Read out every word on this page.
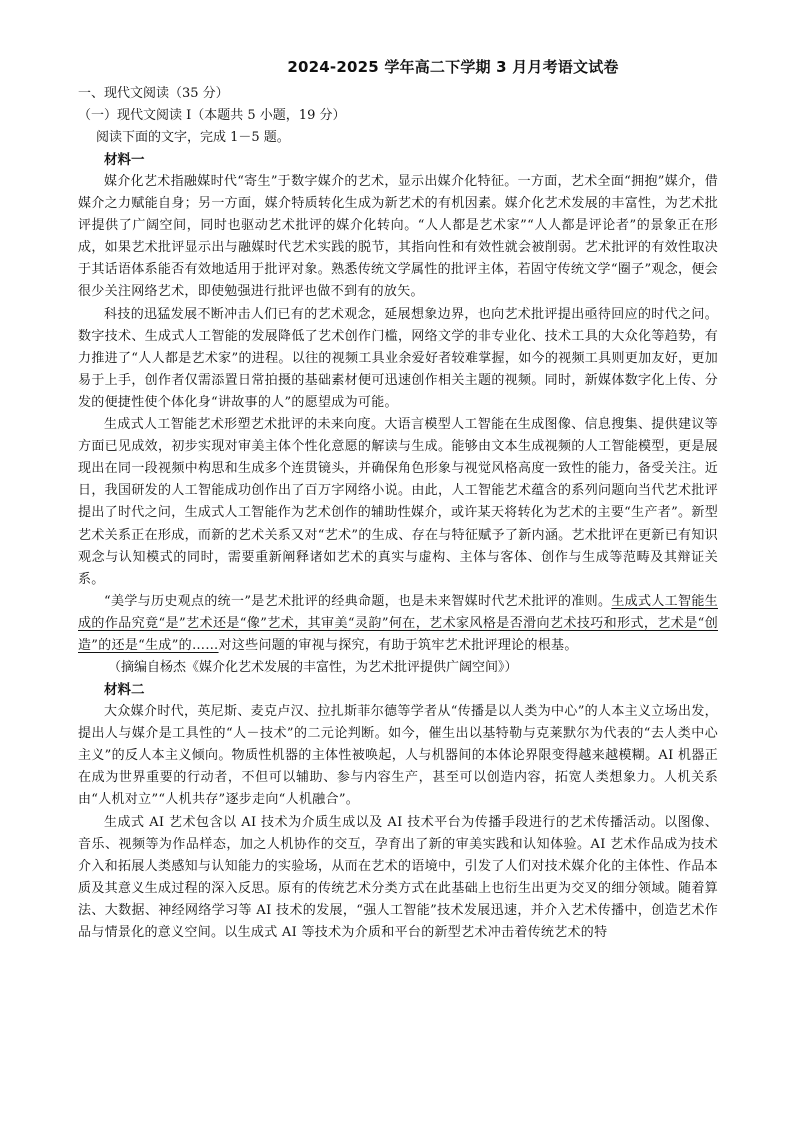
2024-2025 学年高二下学期 3 月月考语文试卷

一、现代文阅读（35 分）

（一）现代文阅读 I（本题共 5 小题，19 分）

阅读下面的文字，完成 1－5 题。

材料一

媒介化艺术指融媒时代“寄生”于数字媒介的艺术，显示出媒介化特征。一方面，艺术全面“拥抱”媒介，借媒介之力赋能自身；另一方面，媒介特质转化生成为新艺术的有机因素。媒介化艺术发展的丰富性，为艺术批评提供了广阔空间，同时也驱动艺术批评的媒介化转向。“人人都是艺术家”“人人都是评论者”的景象正在形成，如果艺术批评显示出与融媒时代艺术实践的脱节，其指向性和有效性就会被削弱。艺术批评的有效性取决于其话语体系能否有效地适用于批评对象。熟悉传统文学属性的批评主体，若固守传统文学“圈子”观念，便会很少关注网络艺术，即使勉强进行批评也做不到有的放矢。

科技的迅猛发展不断冲击人们已有的艺术观念，延展想象边界，也向艺术批评提出亟待回应的时代之问。数字技术、生成式人工智能的发展降低了艺术创作门槛，网络文学的非专业化、技术工具的大众化等趋势，有力推进了“人人都是艺术家”的进程。以往的视频工具业余爱好者较难掌握，如今的视频工具则更加友好，更加易于上手，创作者仅需添置日常拍摄的基础素材便可迅速创作相关主题的视频。同时，新媒体数字化上传、分发的便捷性使个体化身“讲故事的人”的愿望成为可能。

生成式人工智能艺术形塑艺术批评的未来向度。大语言模型人工智能在生成图像、信息搜集、提供建议等方面已见成效，初步实现对审美主体个性化意愿的解读与生成。能够由文本生成视频的人工智能模型，更是展现出在同一段视频中构思和生成多个连贯镜头，并确保角色形象与视觉风格高度一致性的能力，备受关注。近日，我国研发的人工智能成功创作出了百万字网络小说。由此，人工智能艺术蕴含的系列问题向当代艺术批评提出了时代之问，生成式人工智能作为艺术创作的辅助性媒介，或许某天将转化为艺术的主要“生产者”。新型艺术关系正在形成，而新的艺术关系又对“艺术”的生成、存在与特征赋予了新内涵。艺术批评在更新已有知识观念与认知模式的同时，需要重新阐释诸如艺术的真实与虚构、主体与客体、创作与生成等范畴及其辩证关系。

“美学与历史观点的统一”是艺术批评的经典命题，也是未来智媒时代艺术批评的准则。生成式人工智能生成的作品究竟“是”艺术还是“像”艺术，其审美“灵韵”何在，艺术家风格是否滑向艺术技巧和形式，艺术是“创造”的还是“生成”的……对这些问题的审视与探究，有助于筑牢艺术批评理论的根基。

（摘编自杨杰《媒介化艺术发展的丰富性，为艺术批评提供广阔空间》）

材料二

大众媒介时代，英尼斯、麦克卢汉、拉扎斯菲尔德等学者从“传播是以人类为中心”的人本主义立场出发，提出人与媒介是工具性的“人－技术”的二元论判断。如今，催生出以基特勒与克莱默尔为代表的“去人类中心主义”的反人本主义倾向。物质性机器的主体性被唤起，人与机器间的本体论界限变得越来越模糊。AI 机器正在成为世界重要的行动者，不但可以辅助、参与内容生产，甚至可以创造内容，拓宽人类想象力。人机关系由“人机对立”“人机共存”逐步走向“人机融合”。

生成式 AI 艺术包含以 AI 技术为介质生成以及 AI 技术平台为传播手段进行的艺术传播活动。以图像、音乐、视频等为作品样态，加之人机协作的交互，孕育出了新的审美实践和认知体验。AI 艺术作品成为技术介入和拓展人类感知与认知能力的实验场，从而在艺术的语境中，引发了人们对技术媒介化的主体性、作品本质及其意义生成过程的深入反思。原有的传统艺术分类方式在此基础上也衍生出更为交叉的细分领域。随着算法、大数据、神经网络学习等 AI 技术的发展，“强人工智能”技术发展迅速，并介入艺术传播中，创造艺术作品与情景化的意义空间。以生成式 AI 等技术为介质和平台的新型艺术冲击着传统艺术的特
